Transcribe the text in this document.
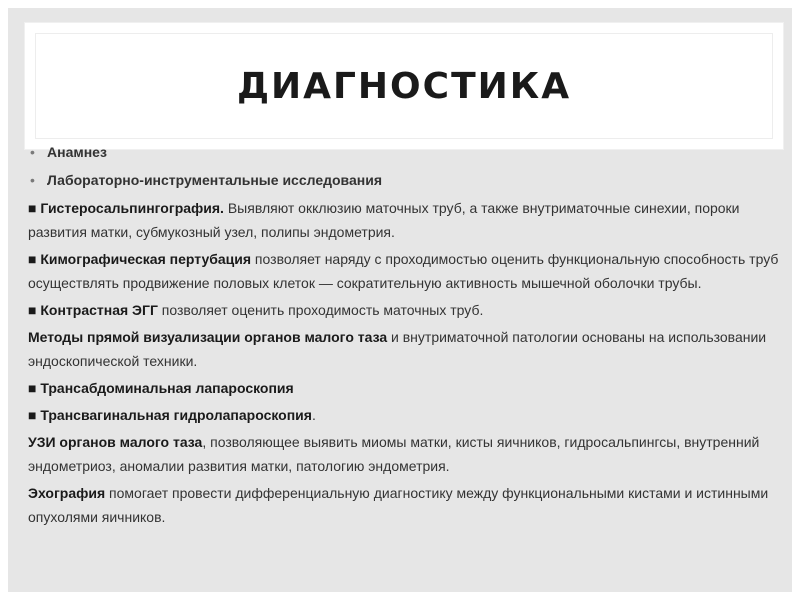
ДИАГНОСТИКА
• Анамнез
• Лабораторно-инструментальные исследования

■ Гистеросальпингография. Выявляют окклюзию маточных труб, а также внутриматочные синехии, пороки развития матки, субмукозный узел, полипы эндометрия.

■ Кимографическая пертубация позволяет наряду с проходимостью оценить функциональную способность труб осуществлять продвижение половых клеток — сократительную активность мышечной оболочки трубы.

■ Контрастная ЭГГ позволяет оценить проходимость маточных труб.

Методы прямой визуализации органов малого таза и внутриматочной патологии основаны на использовании эндоскопической техники.

■ Трансабдоминальная лапароскопия

■ Трансвагинальная гидролапароскопия.

УЗИ органов малого таза, позволяющее выявить миомы матки, кисты яичников, гидросальпингсы, внутренний эндометриоз, аномалии развития матки, патологию эндометрия.

Эхография помогает провести дифференциальную диагностику между функциональными кистами и истинными опухолями яичников.
